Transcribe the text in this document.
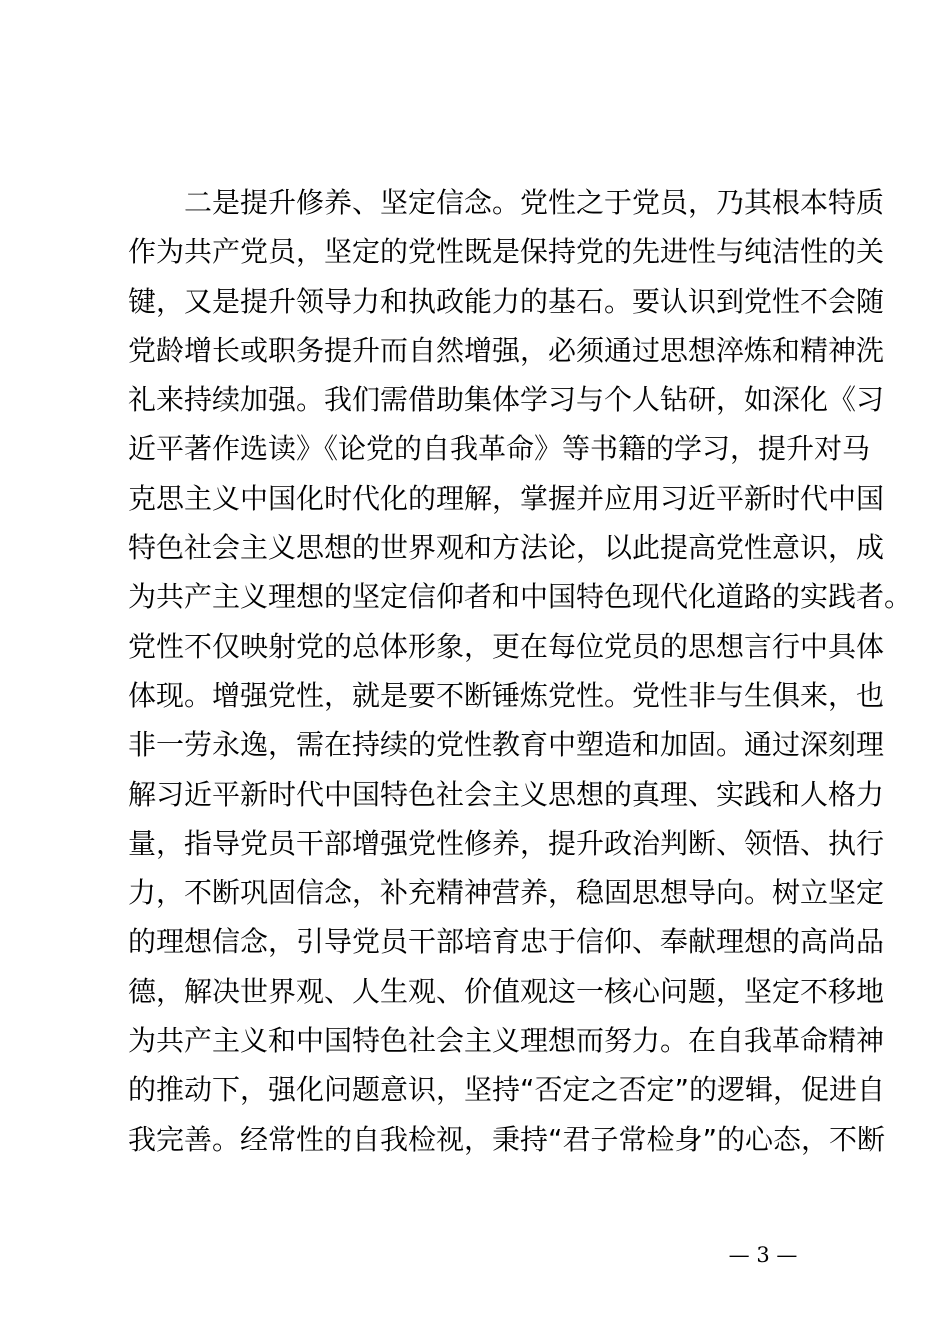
二是提升修养、坚定信念。党性之于党员，乃其根本特质
作为共产党员，坚定的党性既是保持党的先进性与纯洁性的关
键，又是提升领导力和执政能力的基石。要认识到党性不会随
党龄增长或职务提升而自然增强，必须通过思想淬炼和精神洗
礼来持续加强。我们需借助集体学习与个人钻研，如深化《习
近平著作选读》《论党的自我革命》等书籍的学习，提升对马
克思主义中国化时代化的理解，掌握并应用习近平新时代中国
特色社会主义思想的世界观和方法论，以此提高党性意识，成
为共产主义理想的坚定信仰者和中国特色现代化道路的实践者。
党性不仅映射党的总体形象，更在每位党员的思想言行中具体
体现。增强党性，就是要不断锤炼党性。党性非与生俱来，也
非一劳永逸，需在持续的党性教育中塑造和加固。通过深刻理
解习近平新时代中国特色社会主义思想的真理、实践和人格力
量，指导党员干部增强党性修养，提升政治判断、领悟、执行
力，不断巩固信念，补充精神营养，稳固思想导向。树立坚定
的理想信念，引导党员干部培育忠于信仰、奉献理想的高尚品
德，解决世界观、人生观、价值观这一核心问题，坚定不移地
为共产主义和中国特色社会主义理想而努力。在自我革命精神
的推动下，强化问题意识，坚持“否定之否定”的逻辑，促进自
我完善。经常性的自我检视，秉持“君子常检身”的心态，不断
— 3 —
